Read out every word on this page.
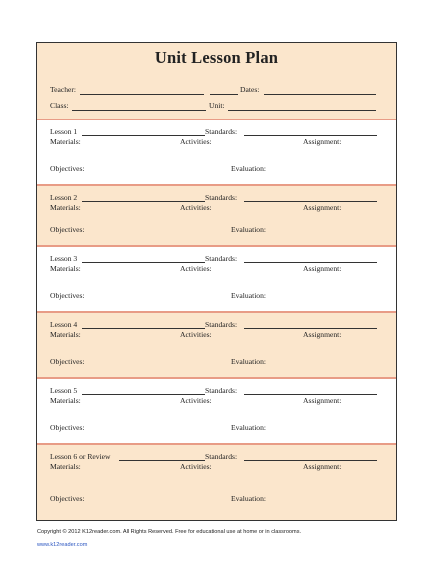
Unit Lesson Plan
Teacher:	Dates:
Class:	Unit:
Lesson 1	Standards:
Materials:	Activities:	Assignment:
Objectives:	Evaluation:
Lesson 2	Standards:
Materials:	Activities:	Assignment:
Objectives:	Evaluation:
Lesson 3	Standards:
Materials:	Activities:	Assignment:
Objectives:	Evaluation:
Lesson 4	Standards:
Materials:	Activities:	Assignment:
Objectives:	Evaluation:
Lesson 5	Standards:
Materials:	Activities:	Assignment:
Objectives:	Evaluation:
Lesson 6 or Review	Standards:
Materials:	Activities:	Assignment:
Objectives:	Evaluation:
Copyright © 2012 K12reader.com. All Rights Reserved. Free for educational use at home or in classrooms.
www.k12reader.com
